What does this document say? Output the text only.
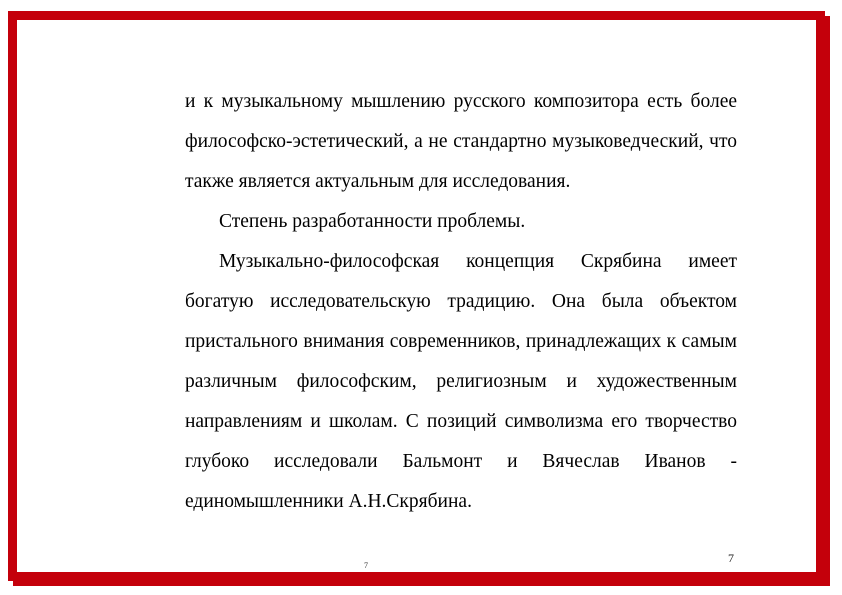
и к музыкальному мышлению русского композитора есть более философско-эстетический, а не стандартно музыковедческий, что также является актуальным для исследования.

Степень разработанности проблемы.

Музыкально-философская концепция Скрябина имеет богатую исследовательскую традицию. Она была объектом пристального внимания современников, принадлежащих к самым различным философским, религиозным и художественным направлениям и школам. С позиций символизма его творчество глубоко исследовали Бальмонт и Вячеслав Иванов - единомышленники А.Н.Скрябина.

7
7
